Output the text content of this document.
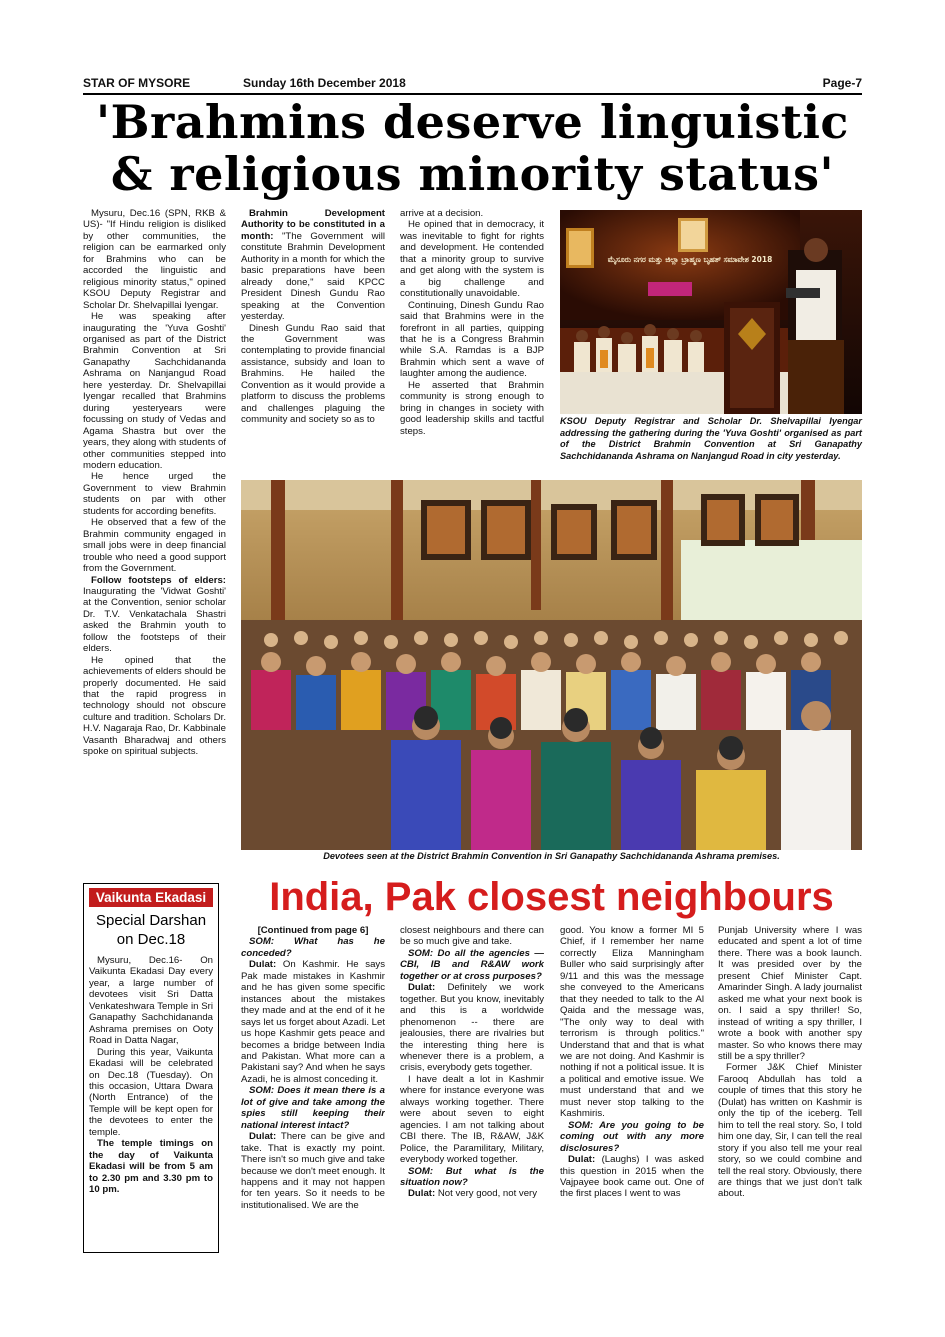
STAR OF MYSORE	Sunday 16th December 2018	Page-7
'Brahmins deserve linguistic
& religious minority status'

Mysuru, Dec.16 (SPN, RKB & US)- "If Hindu religion is disliked by other communities, the religion can be earmarked only for Brahmins who can be accorded the linguistic and religious minority status," opined KSOU Deputy Registrar and Scholar Dr. Shelvapillai Iyengar.

He was speaking after inaugurating the 'Yuva Goshti' organised as part of the District Brahmin Convention at Sri Ganapathy Sachchidananda Ashrama on Nanjangud Road here yesterday. Dr. Shelvapillai Iyengar recalled that Brahmins during yesteryears were focussing on study of Vedas and Agama Shastra but over the years, they along with students of other communities stepped into modern education.

He hence urged the Government to view Brahmin students on par with other students for according benefits.

He observed that a few of the Brahmin community engaged in small jobs were in deep financial trouble who need a good support from the Government.

Follow footsteps of elders: Inaugurating the 'Vidwat Goshti' at the Convention, senior scholar Dr. T.V. Venkatachala Shastri asked the Brahmin youth to follow the footsteps of their elders.

He opined that the achievements of elders should be properly documented. He said that the rapid progress in technology should not obscure culture and tradition. Scholars Dr. H.V. Nagaraja Rao, Dr. Kabbinale Vasanth Bharadwaj and others spoke on spiritual subjects.

Brahmin Development Authority to be constituted in a month: "The Government will constitute Brahmin Development Authority in a month for which the basic preparations have been already done," said KPCC President Dinesh Gundu Rao speaking at the Convention yesterday.

Dinesh Gundu Rao said that the Government was contemplating to provide financial assistance, subsidy and loan to Brahmins. He hailed the Convention as it would provide a platform to discuss the problems and challenges plaguing the community and society so as to

arrive at a decision.

He opined that in democracy, it was inevitable to fight for rights and development. He contended that a minority group to survive and get along with the system is a big challenge and constitutionally unavoidable.

Continuing, Dinesh Gundu Rao said that Brahmins were in the forefront in all parties, quipping that he is a Congress Brahmin while S.A. Ramdas is a BJP Brahmin which sent a wave of laughter among the audience.

He asserted that Brahmin community is strong enough to bring in changes in society with good leadership skills and tactful steps.

ಮೈಸೂರು ನಗರ ಮತ್ತು ಜಿಲ್ಲಾ ಬ್ರಾಹ್ಮಣ ಬೃಹತ್ ಸಮಾವೇಶ 2018
KSOU Deputy Registrar and Scholar Dr. Shelvapillai Iyengar addressing the gathering during the 'Yuva Goshti' organised as part of the District Brahmin Convention at Sri Ganapathy Sachchidananda Ashrama on Nanjangud Road in city yesterday.
Devotees seen at the District Brahmin Convention in Sri Ganapathy Sachchidananda Ashrama premises.
Vaikunta Ekadasi
Special Darshan
on Dec.18

Mysuru, Dec.16- On Vaikunta Ekadasi Day every year, a large number of devotees visit Sri Datta Venkateshwara Temple in Sri Ganapathy Sachchidananda Ashrama premises on Ooty Road in Datta Nagar,

During this year, Vaikunta Ekadasi will be celebrated on Dec.18 (Tuesday). On this occasion, Uttara Dwara (North Entrance) of the Temple will be kept open for the devotees to enter the temple.

The temple timings on the day of Vaikunta Ekadasi will be from 5 am to 2.30 pm and 3.30 pm to 10 pm.

India, Pak closest neighbours

[Continued from page 6]

SOM: What has he conceded?

Dulat: On Kashmir. He says Pak made mistakes in Kashmir and he has given some specific instances about the mistakes they made and at the end of it he says let us forget about Azadi. Let us hope Kashmir gets peace and becomes a bridge between India and Pakistan. What more can a Pakistani say? And when he says Azadi, he is almost conceding it.

SOM: Does it mean there is a lot of give and take among the spies still keeping their national interest intact?

Dulat: There can be give and take. That is exactly my point. There isn't so much give and take because we don't meet enough. It happens and it may not happen for ten years. So it needs to be institutionalised. We are the

closest neighbours and there can be so much give and take.

SOM: Do all the agencies — CBI, IB and R&AW work together or at cross purposes?

Dulat: Definitely we work together. But you know, inevitably and this is a worldwide phenomenon -- there are jealousies, there are rivalries but the interesting thing here is whenever there is a problem, a crisis, everybody gets together.

I have dealt a lot in Kashmir where for instance everyone was always working together. There were about seven to eight agencies. I am not talking about CBI there. The IB, R&AW, J&K Police, the Paramilitary, Military, everybody worked together.

SOM: But what is the situation now?

Dulat: Not very good, not very

good. You know a former MI 5 Chief, if I remember her name correctly Eliza Manningham Buller who said surprisingly after 9/11 and this was the message she conveyed to the Americans that they needed to talk to the Al Qaida and the message was, "The only way to deal with terrorism is through politics." Understand that and that is what we are not doing. And Kashmir is nothing if not a political issue. It is a political and emotive issue. We must understand that and we must never stop talking to the Kashmiris.

SOM: Are you going to be coming out with any more disclosures?

Dulat: (Laughs) I was asked this question in 2015 when the Vajpayee book came out. One of the first places I went to was

Punjab University where I was educated and spent a lot of time there. There was a book launch. It was presided over by the present Chief Minister Capt. Amarinder Singh. A lady journalist asked me what your next book is on. I said a spy thriller! So, instead of writing a spy thriller, I wrote a book with another spy master. So who knows there may still be a spy thriller?

Former J&K Chief Minister Farooq Abdullah has told a couple of times that this story he (Dulat) has written on Kashmir is only the tip of the iceberg. Tell him to tell the real story. So, I told him one day, Sir, I can tell the real story if you also tell me your real story, so we could combine and tell the real story. Obviously, there are things that we just don't talk about.
